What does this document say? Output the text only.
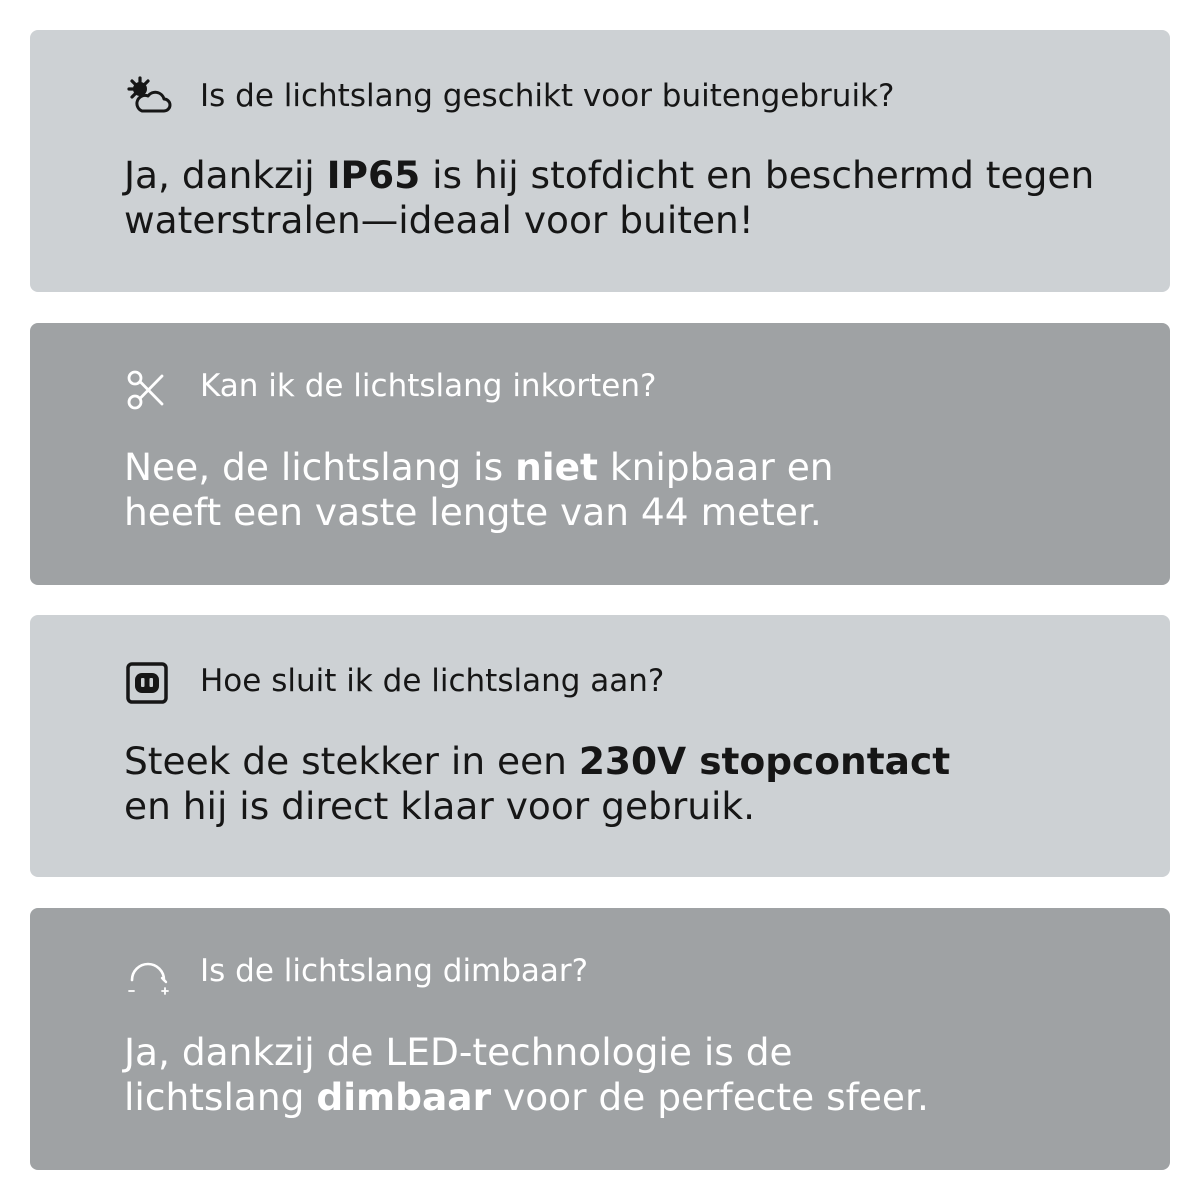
Is de lichtslang geschikt voor buitengebruik?
Ja, dankzij IP65 is hij stofdicht en beschermd tegen
waterstralen—ideaal voor buiten!
Kan ik de lichtslang inkorten?
Nee, de lichtslang is niet knipbaar en
heeft een vaste lengte van 44 meter.
Hoe sluit ik de lichtslang aan?
Steek de stekker in een 230V stopcontact
en hij is direct klaar voor gebruik.
Is de lichtslang dimbaar?
Ja, dankzij de LED-technologie is de
lichtslang dimbaar voor de perfecte sfeer.
